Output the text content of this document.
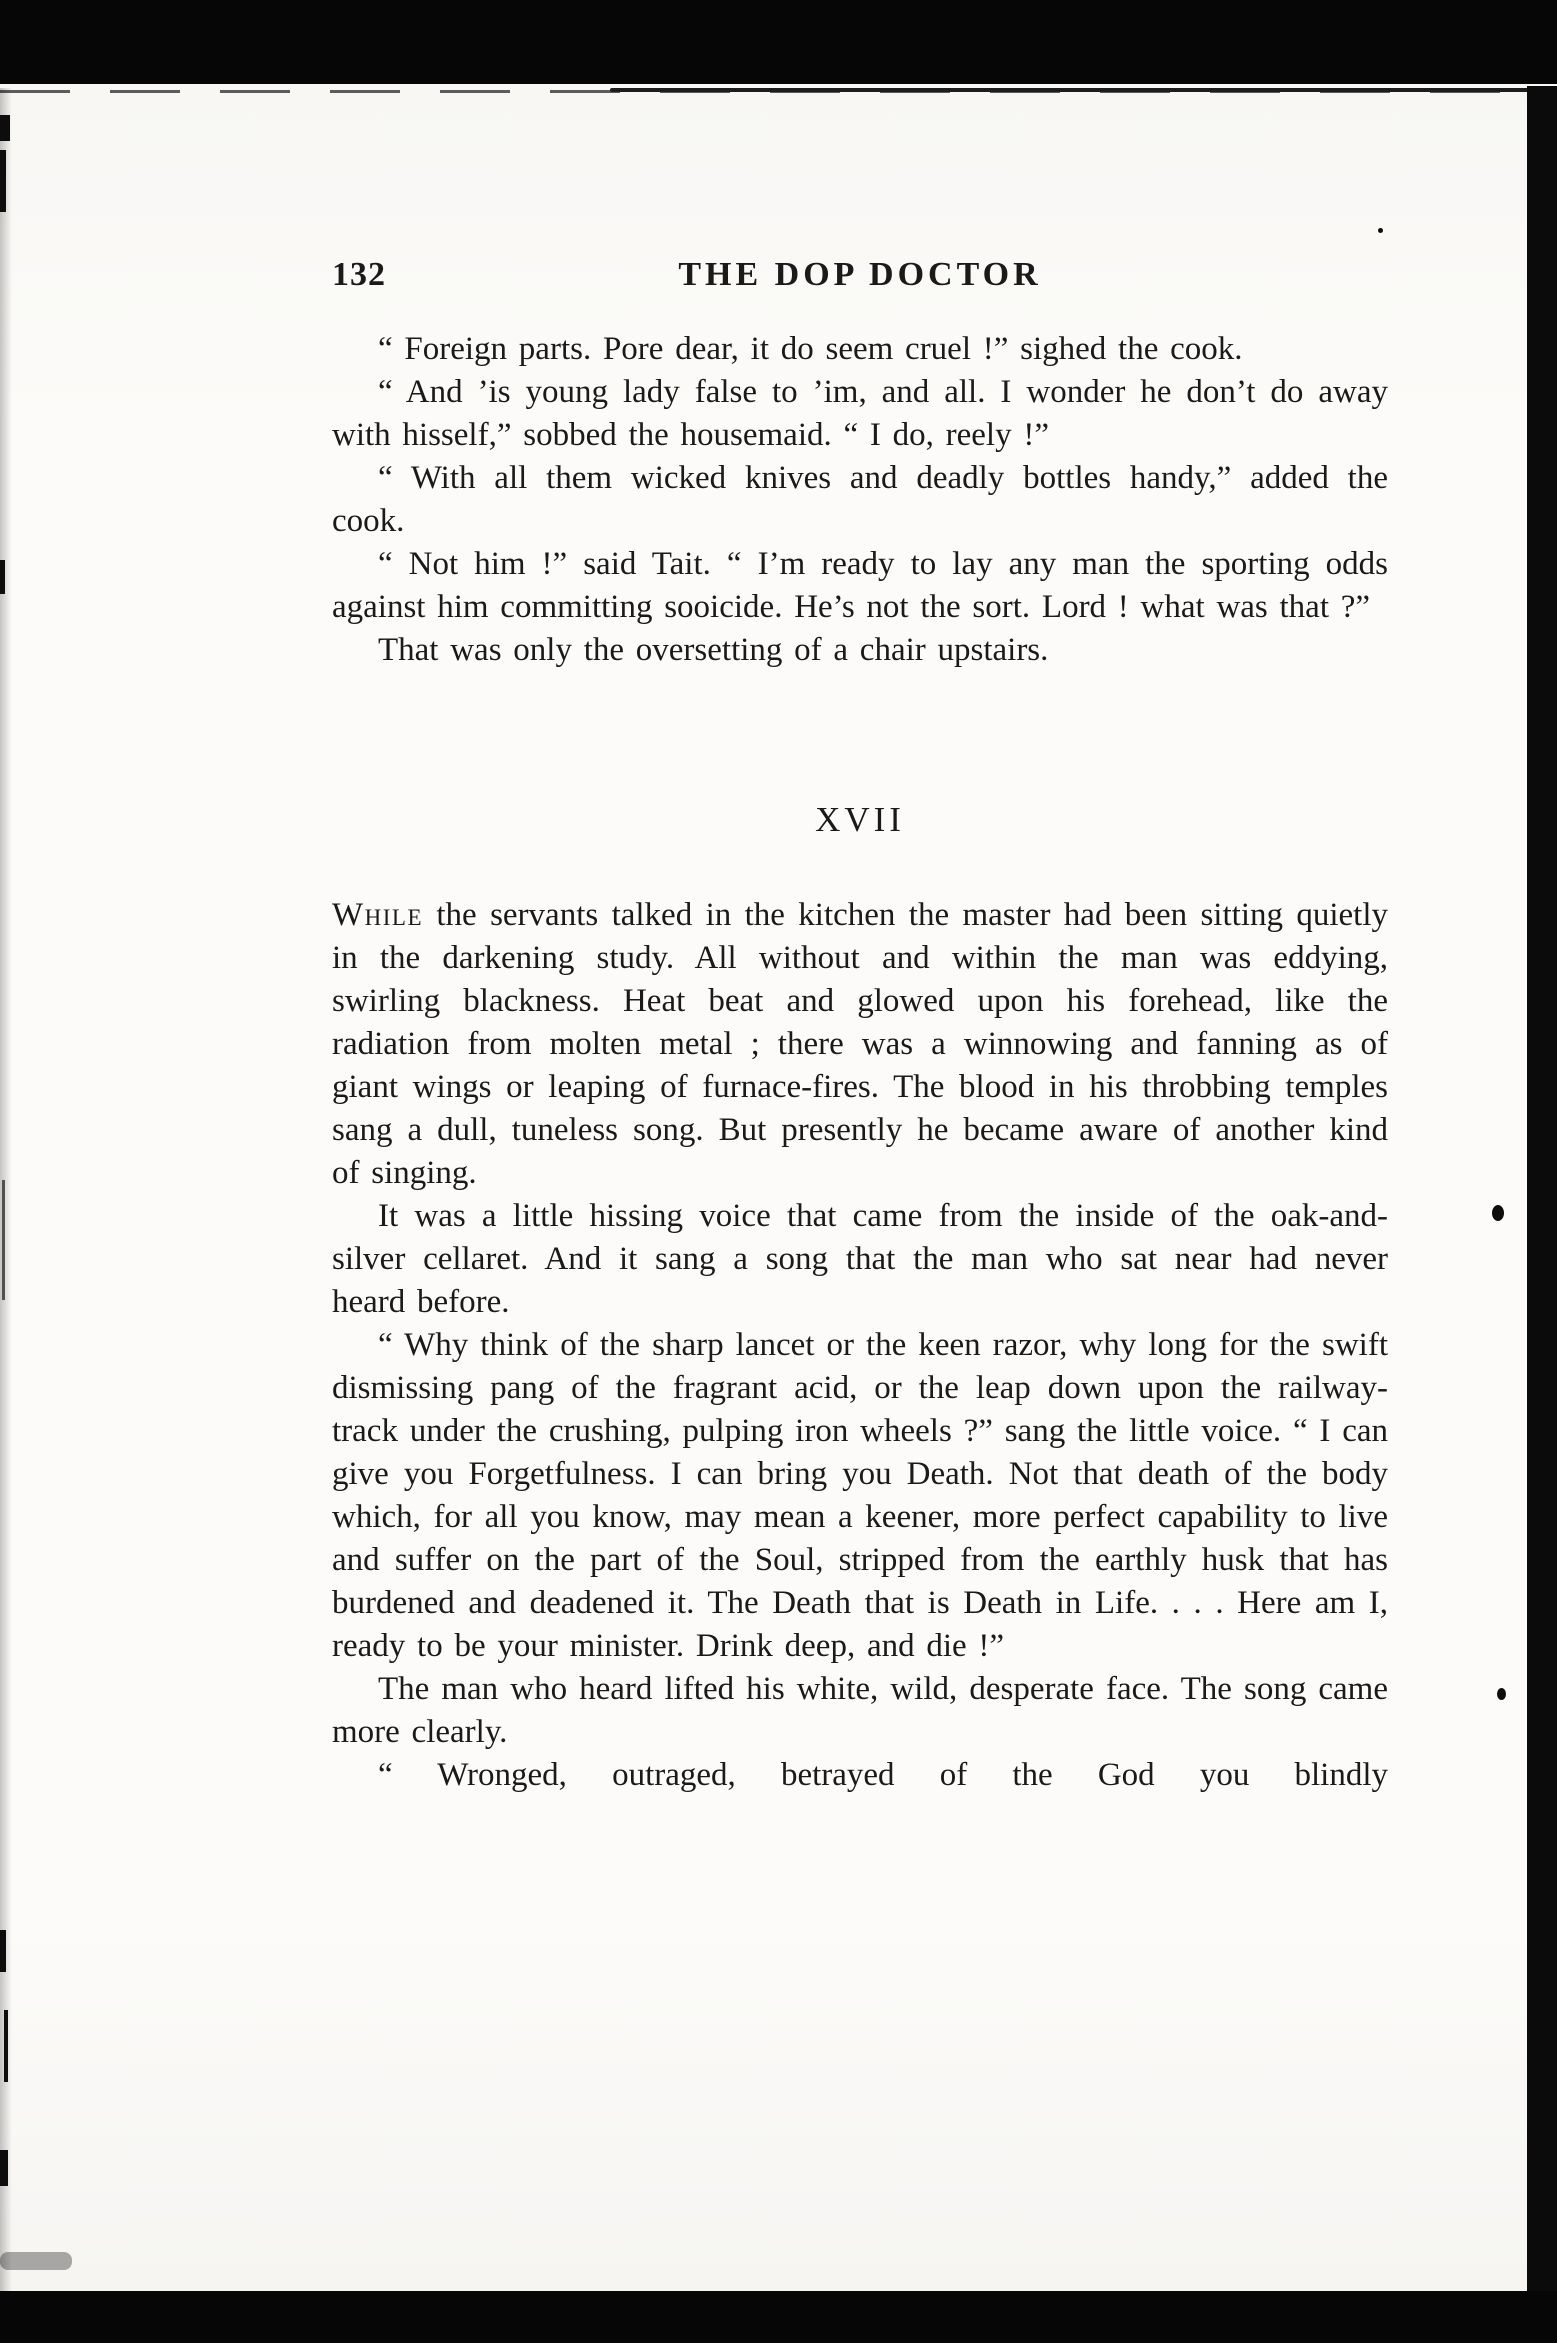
132	THE DOP DOCTOR

“ Foreign parts. Pore dear, it do seem cruel !” sighed the cook.

“ And ’is young lady false to ’im, and all. I wonder he don’t do away with hisself,” sobbed the housemaid. “ I do, reely !”

“ With all them wicked knives and deadly bottles handy,” added the cook.

“ Not him !” said Tait. “ I’m ready to lay any man the sporting odds against him committing sooicide. He’s not the sort. Lord ! what was that ?”

That was only the oversetting of a chair upstairs.

XVII

While the servants talked in the kitchen the master had been sitting quietly in the darkening study. All without and within the man was eddying, swirling blackness. Heat beat and glowed upon his forehead, like the radiation from molten metal ; there was a winnowing and fanning as of giant wings or leaping of furnace-fires. The blood in his throbbing temples sang a dull, tuneless song. But presently he became aware of another kind of singing.

It was a little hissing voice that came from the inside of the oak-and-silver cellaret. And it sang a song that the man who sat near had never heard before.

“ Why think of the sharp lancet or the keen razor, why long for the swift dismissing pang of the fragrant acid, or the leap down upon the railway-track under the crushing, pulping iron wheels ?” sang the little voice. “ I can give you Forgetfulness. I can bring you Death. Not that death of the body which, for all you know, may mean a keener, more perfect capability to live and suffer on the part of the Soul, stripped from the earthly husk that has burdened and deadened it. The Death that is Death in Life. . . . Here am I, ready to be your minister. Drink deep, and die !”

The man who heard lifted his white, wild, desperate face. The song came more clearly.

“ Wronged, outraged, betrayed of the God you blindly
